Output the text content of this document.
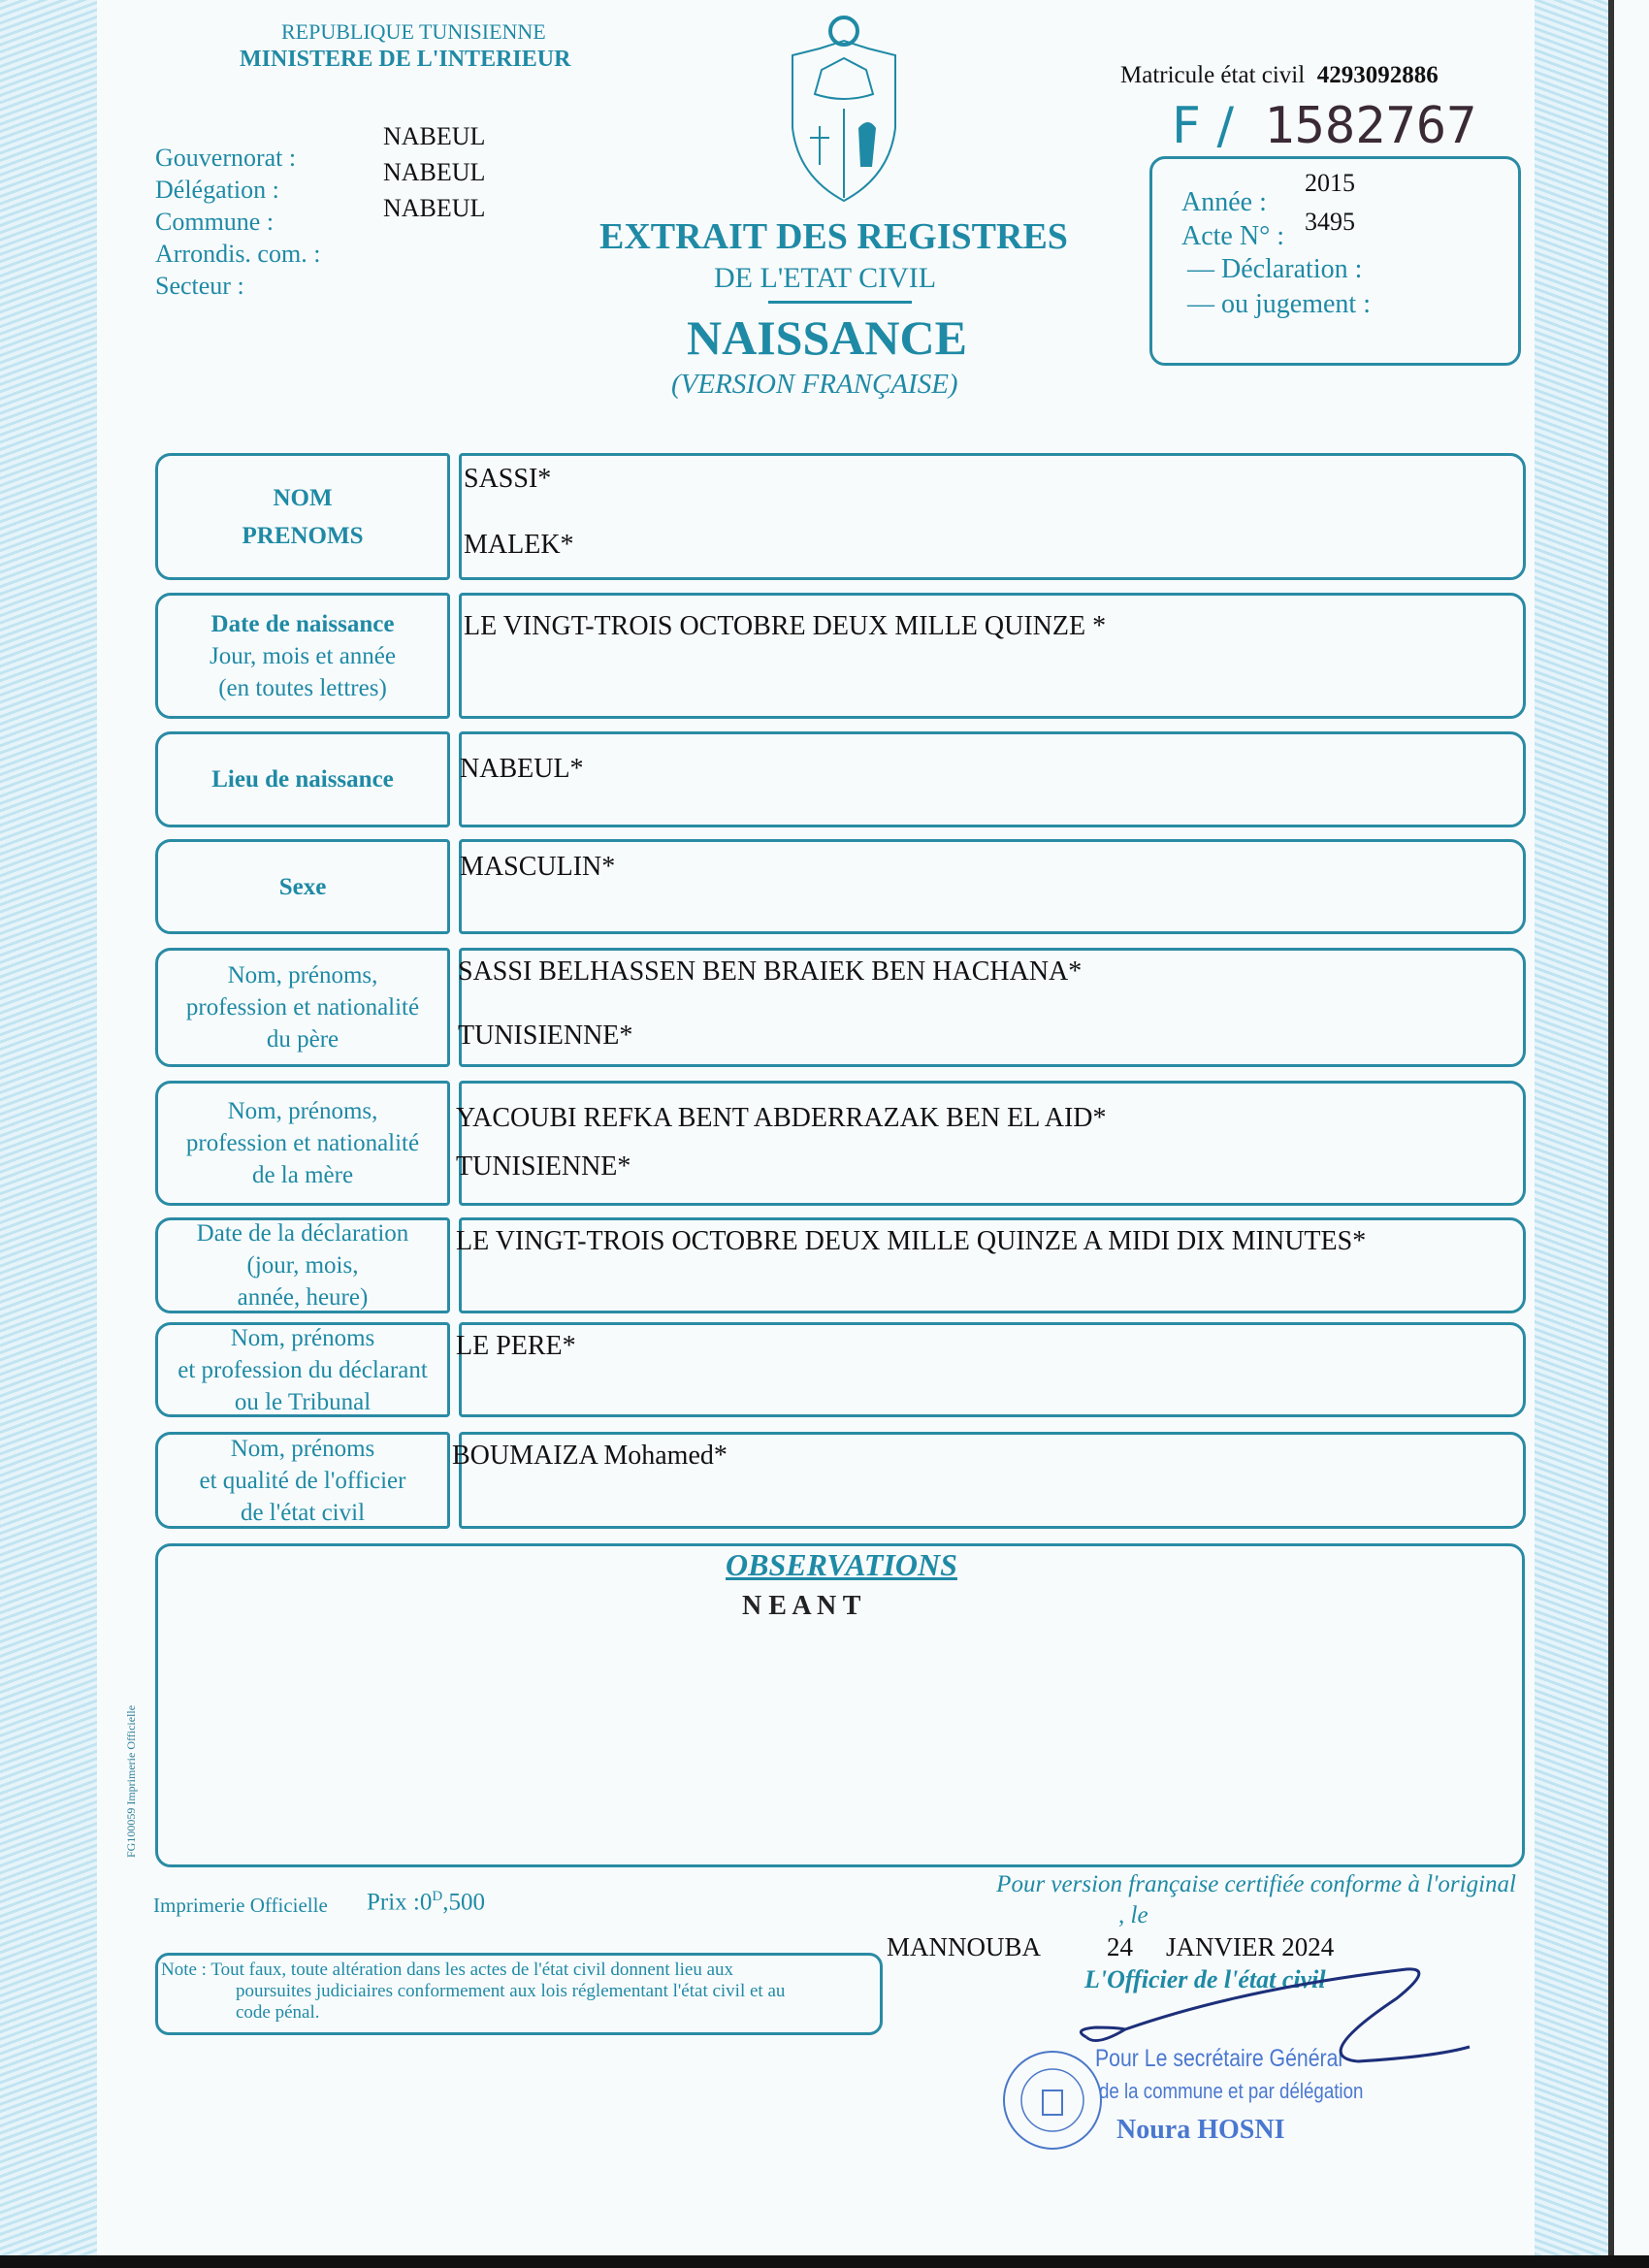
REPUBLIQUE TUNISIENNE
MINISTERE DE L'INTERIEUR
Gouvernorat :
Délégation :
Commune :
Arrondis. com. :
Secteur :
NABEUL
NABEUL
NABEUL
EXTRAIT DES REGISTRES
DE L'ETAT CIVIL
NAISSANCE
(VERSION FRANÇAISE)
Matricule état civil 4293092886
F / 1582767
Année :
2015
Acte N° : 3495
— Déclaration :
— ou jugement :
NOM
PRENOMS
SASSI*
MALEK*
Date de naissance
Jour, mois et année
(en toutes lettres)
LE VINGT-TROIS OCTOBRE DEUX MILLE QUINZE *
Lieu de naissance NABEUL*
Sexe
MASCULIN*
Nom, prénoms,
profession et nationalité
du père
SASSI BELHASSEN BEN BRAIEK BEN HACHANA*
TUNISIENNE*
Nom, prénoms,
profession et nationalité
de la mère
YACOUBI REFKA BENT ABDERRAZAK BEN EL AID*
TUNISIENNE*
Date de la déclaration
(jour, mois,
année, heure)
LE VINGT-TROIS OCTOBRE DEUX MILLE QUINZE A MIDI DIX MINUTES*
Nom, prénoms
et profession du déclarant
ou le Tribunal
LE PERE*
Nom, prénoms
et qualité de l'officier
de l'état civil
BOUMAIZA Mohamed*
OBSERVATIONS
N E A N T
FG100059 Imprimerie Officielle
Imprimerie Officielle Prix $:0^D,500$
Note : Tout faux, toute altération dans les actes de l'état civil donnent lieu aux
poursuites judiciaires conformement aux lois réglementant l'état civil et au
code pénal.
Pour version française certifiée conforme à l'original
, le
MANNOUBA	24 JANVIER 2024
L'Officier de l'état civil
Pour Le secrétaire Général
de la commune et par délégation
Noura HOSNI
